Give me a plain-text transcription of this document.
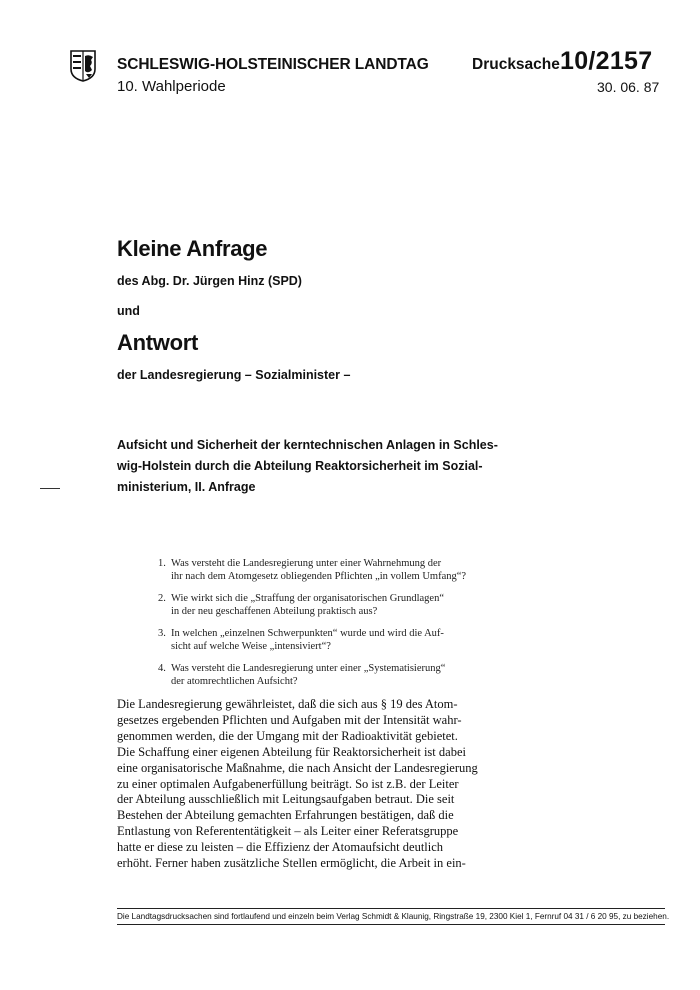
SCHLESWIG-HOLSTEINISCHER LANDTAG
10. Wahlperiode
Drucksache 10/2157
30. 06. 87
Kleine Anfrage
des Abg. Dr. Jürgen Hinz (SPD)
und
Antwort
der Landesregierung – Sozialminister –
Aufsicht und Sicherheit der kerntechnischen Anlagen in Schles-
wig-Holstein durch die Abteilung Reaktorsicherheit im Sozial-
ministerium, II. Anfrage
1. Was versteht die Landesregierung unter einer Wahrnehmung der
ihr nach dem Atomgesetz obliegenden Pflichten „in vollem Umfang“?
2. Wie wirkt sich die „Straffung der organisatorischen Grundlagen“
in der neu geschaffenen Abteilung praktisch aus?
3. In welchen „einzelnen Schwerpunkten“ wurde und wird die Auf-
sicht auf welche Weise „intensiviert“?
4. Was versteht die Landesregierung unter einer „Systematisierung“
der atomrechtlichen Aufsicht?
Die Landesregierung gewährleistet, daß die sich aus § 19 des Atom-
gesetzes ergebenden Pflichten und Aufgaben mit der Intensität wahr-
genommen werden, die der Umgang mit der Radioaktivität gebietet.
Die Schaffung einer eigenen Abteilung für Reaktorsicherheit ist dabei
eine organisatorische Maßnahme, die nach Ansicht der Landesregierung
zu einer optimalen Aufgabenerfüllung beiträgt. So ist z.B. der Leiter
der Abteilung ausschließlich mit Leitungsaufgaben betraut. Die seit
Bestehen der Abteilung gemachten Erfahrungen bestätigen, daß die
Entlastung von Referententätigkeit – als Leiter einer Referatsgruppe
hatte er diese zu leisten – die Effizienz der Atomaufsicht deutlich
erhöht. Ferner haben zusätzliche Stellen ermöglicht, die Arbeit in ein-
Die Landtagsdrucksachen sind fortlaufend und einzeln beim Verlag Schmidt & Klaunig, Ringstraße 19, 2300 Kiel 1, Fernruf 04 31 / 6 20 95, zu beziehen.
